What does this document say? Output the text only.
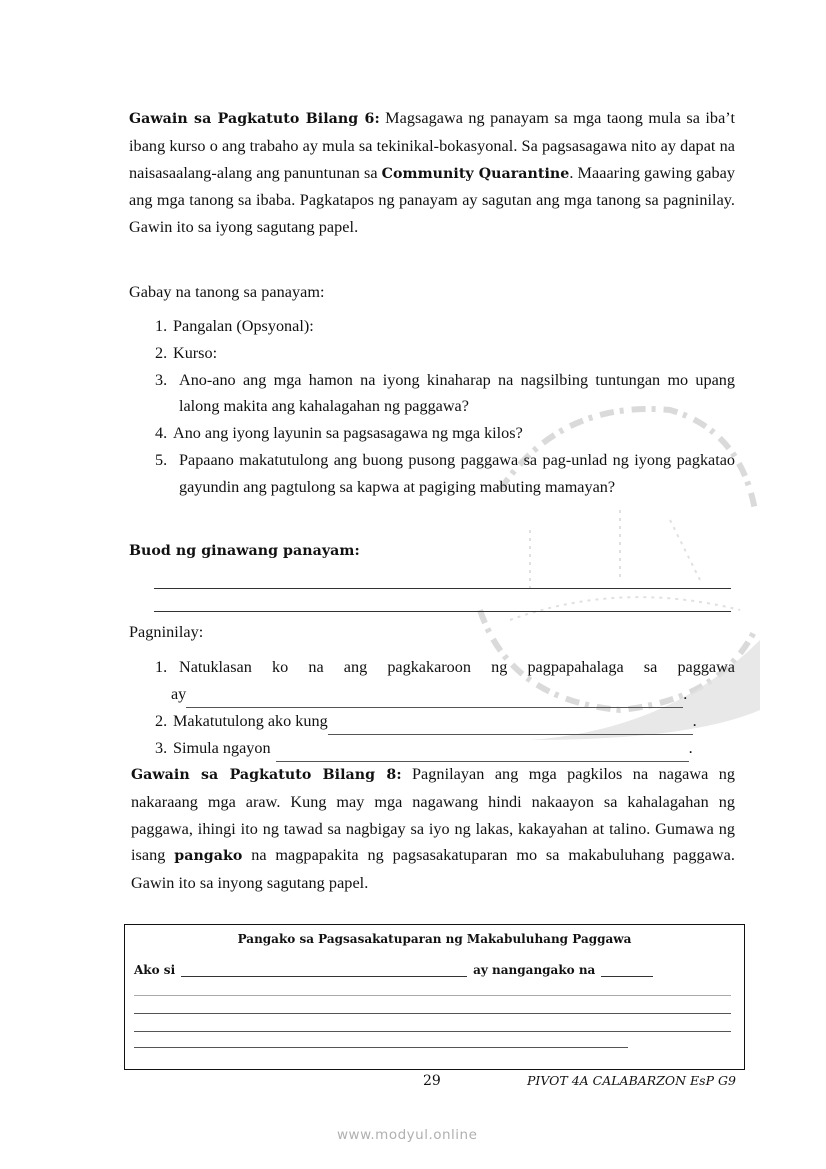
Gawain sa Pagkatuto Bilang 6: Magsagawa ng panayam sa mga taong mula sa iba’t ibang kurso o ang trabaho ay mula sa tekinikal-bokasyonal. Sa pagsasagawa nito ay dapat na naisasaalang-alang ang panuntunan sa Community Quarantine. Maaaring gawing gabay ang mga tanong sa ibaba. Pagkatapos ng panayam ay sagutan ang mga tanong sa pagninilay. Gawin ito sa iyong sagutang papel.
Gabay na tanong sa panayam:
1. Pangalan (Opsyonal):
2. Kurso:
3. Ano-ano ang mga hamon na iyong kinaharap na nagsilbing tuntungan mo upang lalong makita ang kahalagahan ng paggawa?
4. Ano ang iyong layunin sa pagsasagawa ng mga kilos?
5. Papaano makatutulong ang buong pusong paggawa sa pag-unlad ng iyong pagkatao gayundin ang pagtulong sa kapwa at pagiging mabuting mamayan?
Buod ng ginawang panayam:
Pagninilay:
1. Natuklasan ko na ang pagkakaroon ng pagpapahalaga sa paggawa
ay	.
2. Makatutulong ako kung	.
3. Simula ngayon	.
Gawain sa Pagkatuto Bilang 8: Pagnilayan ang mga pagkilos na nagawa ng nakaraang mga araw. Kung may mga nagawang hindi nakaayon sa kahalagahan ng paggawa, ihingi ito ng tawad sa nagbigay sa iyo ng lakas, kakayahan at talino. Gumawa ng isang pangako na magpapakita ng pagsasakatuparan mo sa makabuluhang paggawa. Gawin ito sa inyong sagutang papel.
Pangako sa Pagsasakatuparan ng Makabuluhang Paggawa
Ako si	ay nangangako na
29	PIVOT 4A CALABARZON EsP G9
www.modyul.online
